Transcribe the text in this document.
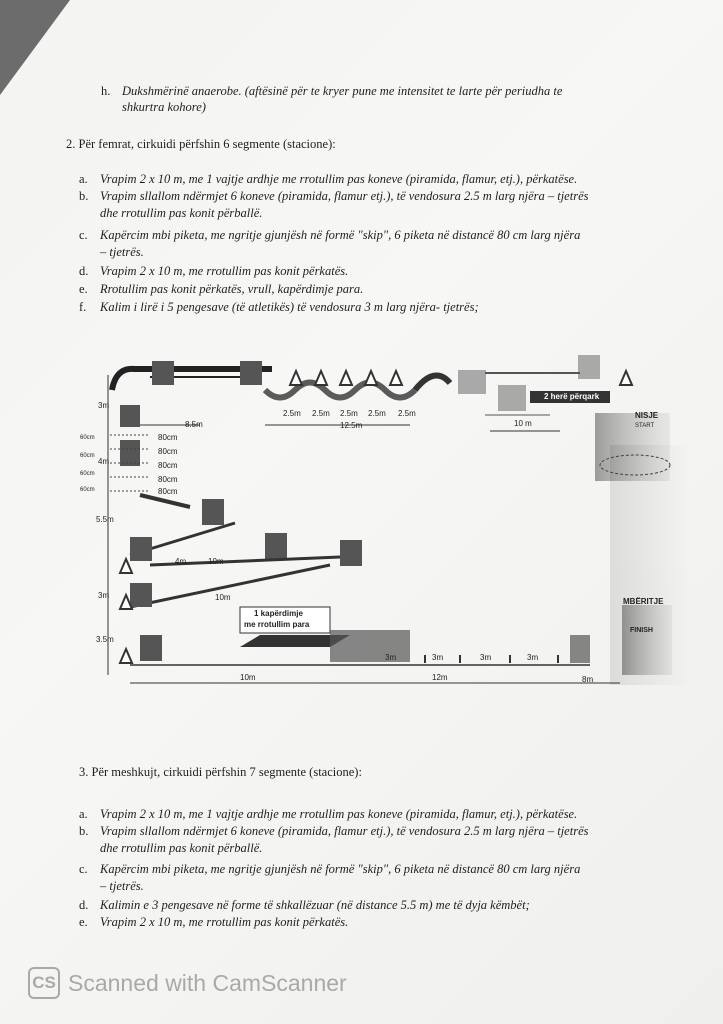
h. Dukshmërinë anaerobe. (aftësinë për te kryer pune me intensitet te larte për periudha te
shkurtra kohore)
2. Për femrat, cirkuidi përfshin 6 segmente (stacione):
a. Vrapim 2 x 10 m, me 1 vajtje ardhje me rrotullim pas koneve (piramida, flamur, etj.), përkatëse.
b. Vrapim sllallom ndërmjet 6 koneve (piramida, flamur etj.), të vendosura 2.5 m larg njëra – tjetrës
dhe rrotullim pas konit përballë.
c. Kapërcim mbi piketa, me ngritje gjunjësh në formë "skip", 6 piketa në distancë 80 cm larg njëra
– tjetrës.
d. Vrapim 2 x 10 m, me rrotullim pas konit përkatës.
e. Rrotullim pas konit përkatës, vrull, kapërdimje para.
f. Kalim i lirë i 5 pengesave (të atletikës) të vendosura 3 m larg njëra- tjetrës;
3m
8.5m
2.5m 2.5m 2.5m 2.5m 2.5m
12.5m	10 m
2 herë përqark
NISJE
START
4m
60cm
60cm
60cm
60cm
80cm
80cm
80cm
80cm
80cm
5.5m
4m	10m
10m
3m
3.5m
1 kapërdimje
me rrotullim para
3m	3m	3m	3m
10m	12m	8m
MBËRITJE
FINISH
3. Për meshkujt, cirkuidi përfshin 7 segmente (stacione):
a. Vrapim 2 x 10 m, me 1 vajtje ardhje me rrotullim pas koneve (piramida, flamur, etj.), përkatëse.
b. Vrapim sllallom ndërmjet 6 koneve (piramida, flamur etj.), të vendosura 2.5 m larg njëra – tjetrës
dhe rrotullim pas konit përballë.
c. Kapërcim mbi piketa, me ngritje gjunjësh në formë "skip", 6 piketa në distancë 80 cm larg njëra
– tjetrës.
d. Kalimin e 3 pengesave në forme të shkallëzuar (në distance 5.5 m) me të dyja këmbët;
e. Vrapim 2 x 10 m, me rrotullim pas konit përkatës.
CS Scanned with CamScanner
